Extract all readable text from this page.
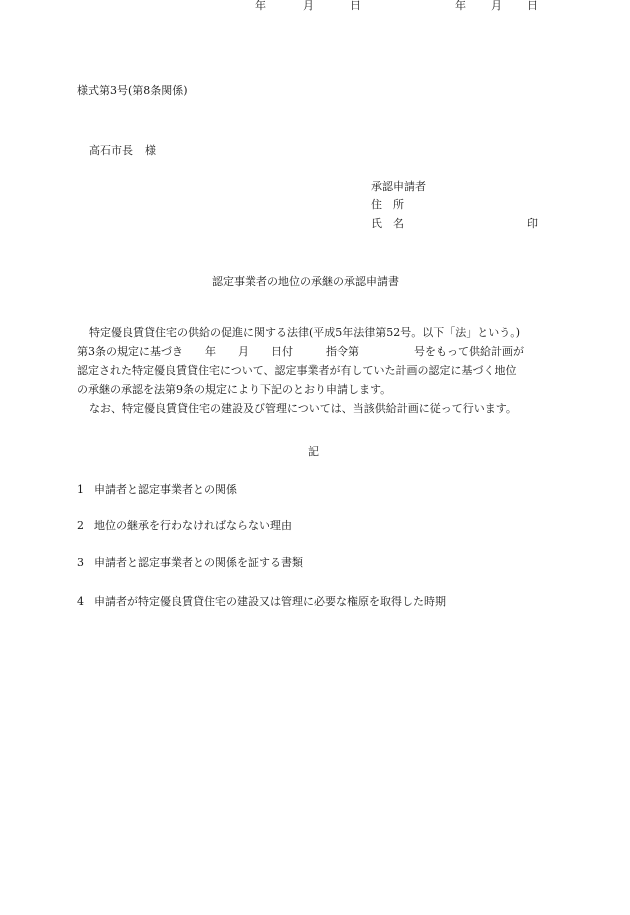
様式第3号(第8条関係)
年 月 日
高石市長 様
承認申請者
住　所
氏　名	印
認定事業者の地位の承継の承認申請書
特定優良賃貸住宅の供給の促進に関する法律(平成5年法律第52号。以下「法」という。)
第3条の規定に基づき　　年　　月　　日付　　　指令第　　　　　号をもって供給計画が
認定された特定優良賃貸住宅について、認定事業者が有していた計画の認定に基づく地位
の承継の承認を法第9条の規定により下記のとおり申請します。
なお、特定優良賃貸住宅の建設及び管理については、当該供給計画に従って行います。
記
1 申請者と認定事業者との関係
2 地位の継承を行わなければならない理由
3 申請者と認定事業者との関係を証する書類
4 申請者が特定優良賃貸住宅の建設又は管理に必要な権原を取得した時期
年	月	日
